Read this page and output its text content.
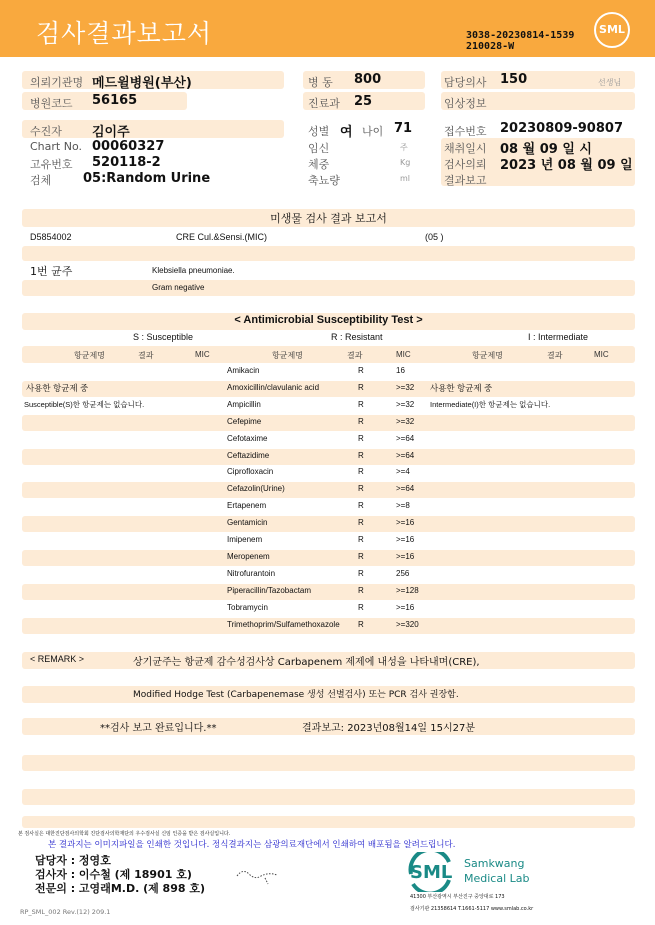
검사결과보고서	3038-20230814-1539
210028-W
SML
의뢰기관명 메드윌병원(부산)
병원코드 56165
병 동 800
진료과 25
담당의사 150	선생님
임상정보
수진자 김이주
Chart No. 00060327
고유번호 520118-2
검체 05:Random Urine
성별 여 나이 71
임신	주
체중	Kg
축뇨량	ml
접수번호 20230809-90807
채취일시 08 월 09 일 시
검사의뢰 2023 년 08 월 09 일
결과보고
미생물 검사 결과 보고서
D5854002	CRE Cul.&Sensi.(MIC)	(05 )
1번 균주	Klebsiella pneumoniae.
Gram negative
< Antimicrobial Susceptibility Test >
S : Susceptible	R : Resistant	I : Intermediate
항균제명	결과	MIC	항균제명	결과	MIC	항균제명	결과	MIC
Amikacin	R	16
Amoxicillin/clavulanic acid	R	>=32
Ampicillin	R	>=32
Cefepime	R	>=32
Cefotaxime	R	>=64
Ceftazidime	R	>=64
Ciprofloxacin	R	>=4
Cefazolin(Urine)	R	>=64
Ertapenem	R	>=8
Gentamicin	R	>=16
Imipenem	R	>=16
Meropenem	R	>=16
Nitrofurantoin	R	256
Piperacillin/Tazobactam	R	>=128
Tobramycin	R	>=16
Trimethoprim/Sulfamethoxazole R	>=320
사용한 항균제 중
Susceptible(S)한 항균제는 없습니다.
사용한 항균제 중
Intermediate(I)한 항균제는 없습니다.
< REMARK >	상기균주는 항균제 감수성검사상 Carbapenem 제제에 내성을 나타내며(CRE),
Modified Hodge Test (Carbapenemase 생성 선별검사) 또는 PCR 검사 권장함.
**검사 보고 완료입니다.**	결과보고: 2023년08월14일 15시27분
본 검사실은 대한진단검사의학회 진단검사의학재단의 우수검사실 신임 인증을 받은 검사실입니다.
본 결과지는 이미지파일을 인쇄한 것입니다. 정식결과지는 삼광의료재단에서 인쇄하여 배포됨을 알려드립니다.
담당자 : 정영호
검사자 : 이수철 (제 18901 호)
전문의 : 고영래M.D. (제 898 호)
SML Samkwang
Medical Lab
41300 부산광역시 부산진구 중앙대로 173
검사기관 21358614 T.1661-5117 www.smlab.co.kr
RP_SML_002 Rev.(12) 209.1
